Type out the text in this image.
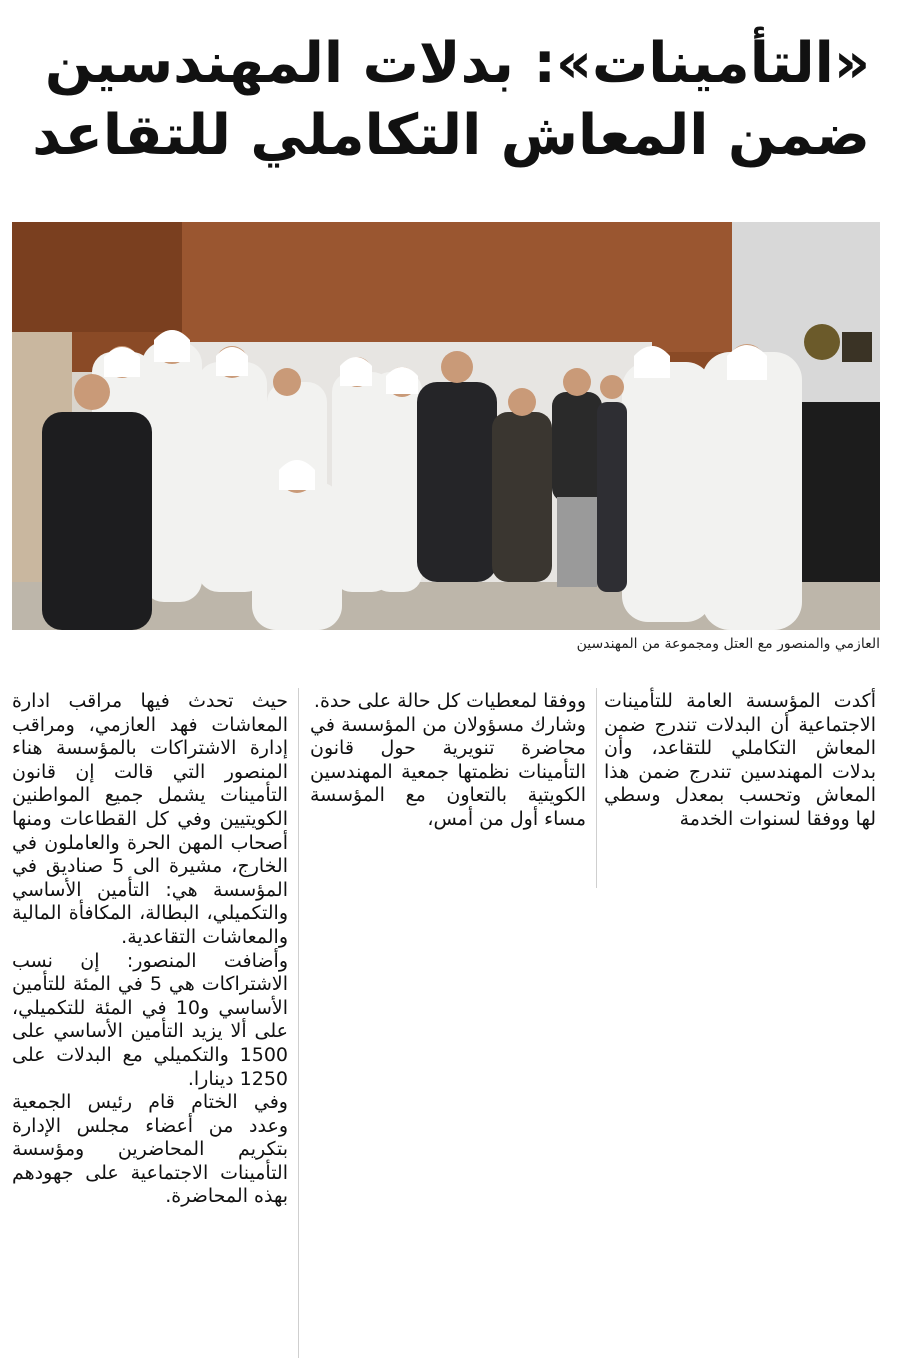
«التأمينات»: بدلات المهندسين
ضمن المعاش التكاملي للتقاعد
العازمي والمنصور مع العتل ومجموعة من المهندسين

أكدت المؤسسة العامة للتأمينات الاجتماعية أن البدلات تندرج ضمن المعاش التكاملي للتقاعد، وأن بدلات المهندسين تندرج ضمن هذا المعاش وتحسب بمعدل وسطي لها ووفقا لسنوات الخدمة

ووفقا لمعطيات كل حالة على حدة.

وشارك مسؤولان من المؤسسة في محاضرة تنويرية حول قانون التأمينات نظمتها جمعية المهندسين الكويتية بالتعاون مع المؤسسة مساء أول من أمس،

حيث تحدث فيها مراقب ادارة المعاشات فهد العازمي، ومراقب إدارة الاشتراكات بالمؤسسة هناء المنصور التي قالت إن قانون التأمينات يشمل جميع المواطنين الكويتيين وفي كل القطاعات ومنها أصحاب المهن الحرة والعاملون في الخارج، مشيرة الى 5 صناديق في المؤسسة هي: التأمين الأساسي والتكميلي، البطالة، المكافأة المالية والمعاشات التقاعدية.

وأضافت المنصور: إن نسب الاشتراكات هي 5 في المئة للتأمين الأساسي و10 في المئة للتكميلي، على ألا يزيد التأمين الأساسي على 1500 والتكميلي مع البدلات على 1250 دينارا.

وفي الختام قام رئيس الجمعية وعدد من أعضاء مجلس الإدارة بتكريم المحاضرين ومؤسسة التأمينات الاجتماعية على جهودهم بهذه المحاضرة.
